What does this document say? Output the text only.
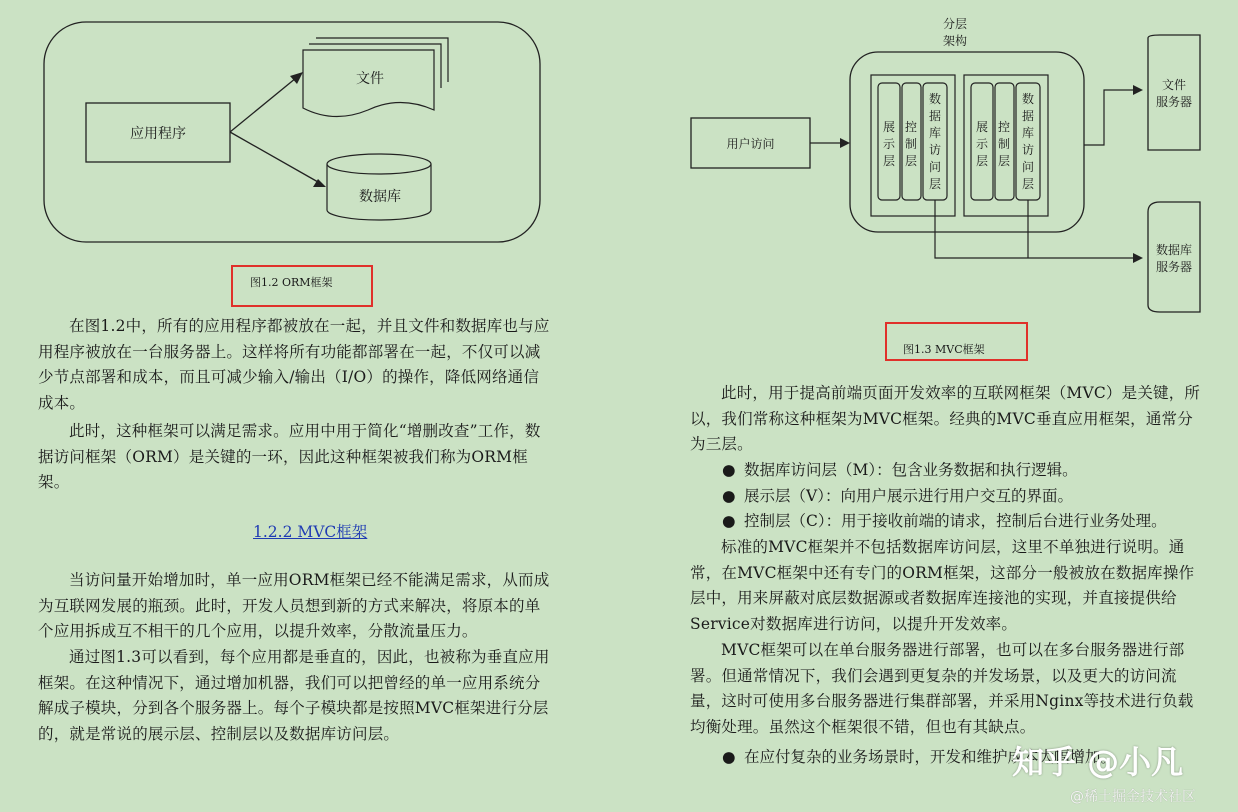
应用程序
文件
数据库
图1.2 ORM框架
分层
架构
用户访问
展示层
控制层
数据库访问层
展示层
控制层
数据库访问层
文件
服务器
数据库
服务器
图1.3 MVC框架

在图1.2中，所有的应用程序都被放在一起，并且文件和数据库也与应用程序被放在一台服务器上。这样将所有功能都部署在一起，不仅可以减少节点部署和成本，而且可减少输入/输出（I/O）的操作，降低网络通信成本。

此时，这种框架可以满足需求。应用中用于简化“增删改查”工作，数据访问框架（ORM）是关键的一环，因此这种框架被我们称为ORM框架。

1.2.2 MVC框架

当访问量开始增加时，单一应用ORM框架已经不能满足需求，从而成为互联网发展的瓶颈。此时，开发人员想到新的方式来解决，将原本的单个应用拆成互不相干的几个应用，以提升效率，分散流量压力。

通过图1.3可以看到，每个应用都是垂直的，因此，也被称为垂直应用框架。在这种情况下，通过增加机器，我们可以把曾经的单一应用系统分解成子模块，分到各个服务器上。每个子模块都是按照MVC框架进行分层的，就是常说的展示层、控制层以及数据库访问层。

此时，用于提高前端页面开发效率的互联网框架（MVC）是关键，所以，我们常称这种框架为MVC框架。经典的MVC垂直应用框架，通常分为三层。

● 数据库访问层（M）：包含业务数据和执行逻辑。
● 展示层（V）：向用户展示进行用户交互的界面。
● 控制层（C）：用于接收前端的请求，控制后台进行业务处理。

标准的MVC框架并不包括数据库访问层，这里不单独进行说明。通常，在MVC框架中还有专门的ORM框架，这部分一般被放在数据库操作层中，用来屏蔽对底层数据源或者数据库连接池的实现，并直接提供给Service对数据库进行访问，以提升开发效率。

MVC框架可以在单台服务器进行部署，也可以在多台服务器进行部署。但通常情况下，我们会遇到更复杂的并发场景，以及更大的访问流量，这时可使用多台服务器进行集群部署，并采用Nginx等技术进行负载均衡处理。虽然这个框架很不错，但也有其缺点。

● 在应付复杂的业务场景时，开发和维护成本大幅增加。
知乎 @小凡
@稀土掘金技术社区
